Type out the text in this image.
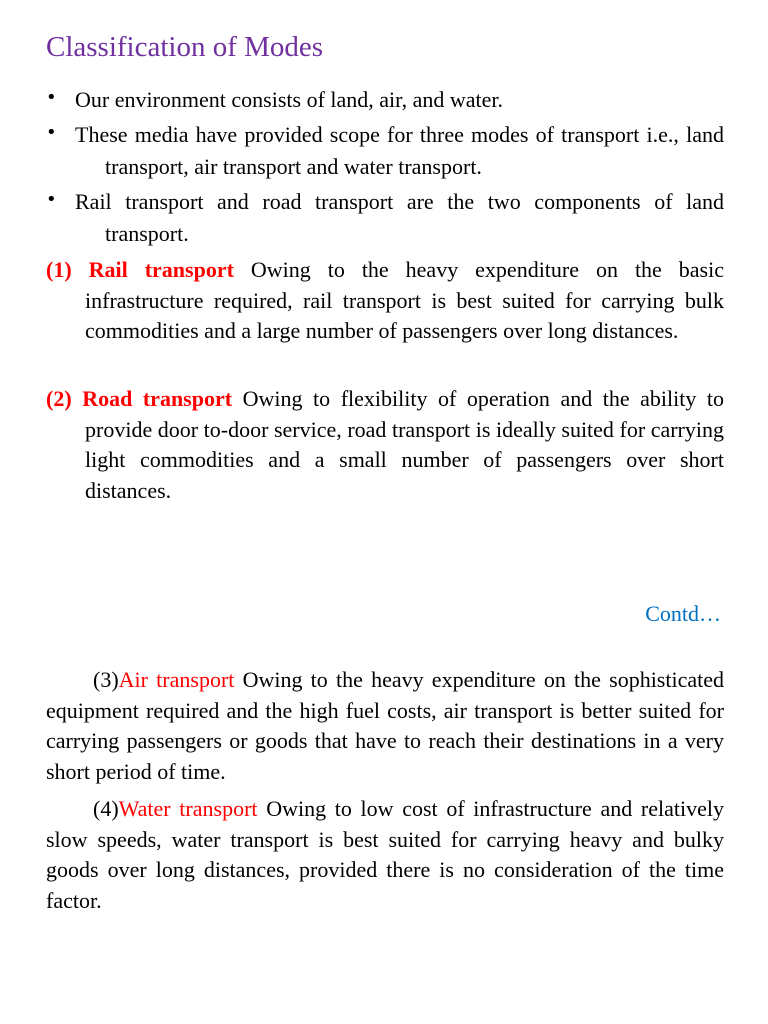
Classification of Modes

• Our environment consists of land, air, and water.

• These media have provided scope for three modes of transport i.e., land transport, air transport and water transport.

• Rail transport and road transport are the two components of land transport.

(1) Rail transport Owing to the heavy expenditure on the basic infrastructure required, rail transport is best suited for carrying bulk commodities and a large number of passengers over long distances.

(2) Road transport Owing to flexibility of operation and the ability to provide door to-door service, road transport is ideally suited for carrying light commodities and a small number of passengers over short distances.

Contd…

(3)Air transport Owing to the heavy expenditure on the sophisticated equipment required and the high fuel costs, air transport is better suited for carrying passengers or goods that have to reach their destinations in a very short period of time.

(4)Water transport Owing to low cost of infrastructure and relatively slow speeds, water transport is best suited for carrying heavy and bulky goods over long distances, provided there is no consideration of the time factor.
